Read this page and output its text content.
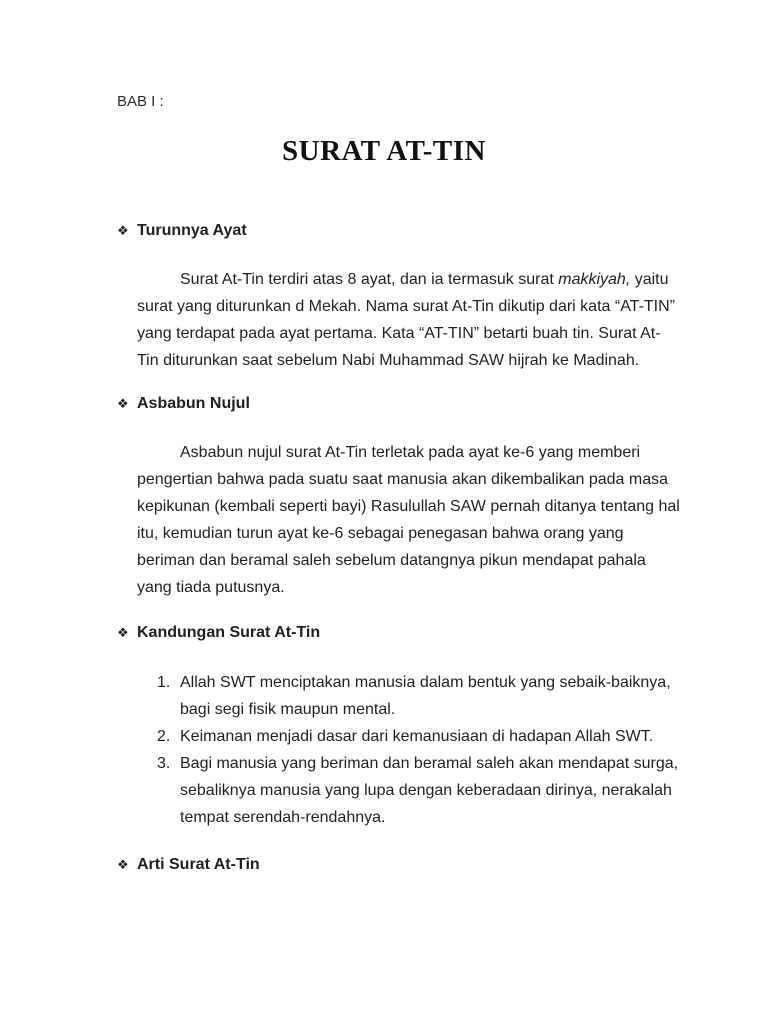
BAB I :
SURAT AT-TIN
❖ Turunnya Ayat
Surat At-Tin terdiri atas 8 ayat, dan ia termasuk surat makkiyah, yaitu surat yang diturunkan d Mekah. Nama surat At-Tin dikutip dari kata “AT-TIN” yang terdapat pada ayat pertama. Kata “AT-TIN” betarti buah tin. Surat At-Tin diturunkan saat sebelum Nabi Muhammad SAW hijrah ke Madinah.
❖ Asbabun Nujul
Asbabun nujul surat At-Tin terletak pada ayat ke-6 yang memberi pengertian bahwa pada suatu saat manusia akan dikembalikan pada masa kepikunan (kembali seperti bayi) Rasulullah SAW pernah ditanya tentang hal itu, kemudian turun ayat ke-6 sebagai penegasan bahwa orang yang beriman dan beramal saleh sebelum datangnya pikun mendapat pahala yang tiada putusnya.
❖ Kandungan Surat At-Tin
1. Allah SWT menciptakan manusia dalam bentuk yang sebaik-baiknya, bagi segi fisik maupun mental.
2. Keimanan menjadi dasar dari kemanusiaan di hadapan Allah SWT.
3. Bagi manusia yang beriman dan beramal saleh akan mendapat surga, sebaliknya manusia yang lupa dengan keberadaan dirinya, nerakalah tempat serendah-rendahnya.
❖ Arti Surat At-Tin
